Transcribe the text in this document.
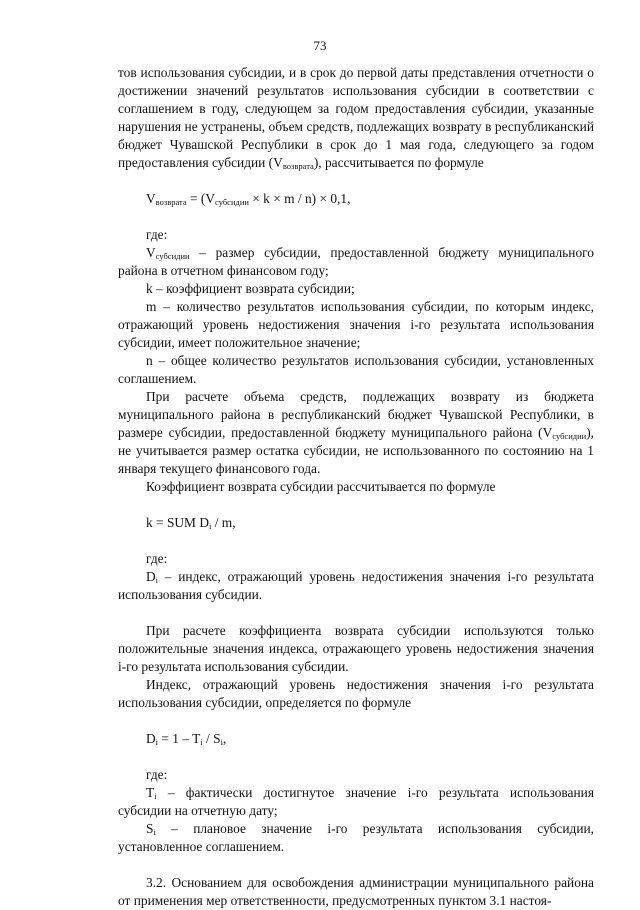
73

тов использования субсидии, и в срок до первой даты представления отчетности о достижении значений результатов использования субсидии в соответствии с соглашением в году, следующем за годом предоставления субсидии, указанные нарушения не устранены, объем средств, подлежащих возврату в республиканский бюджет Чувашской Республики в срок до 1 мая года, следующего за годом предоставления субсидии $(V_{возврата})$, рассчитывается по формуле

$V_{возврата} = (V_{субсидии} \times k \times m / n) \times 0,1$,

где:

$V_{субсидии}$ – размер субсидии, предоставленной бюджету муниципального района в отчетном финансовом году;

k – коэффициент возврата субсидии;

m – количество результатов использования субсидии, по которым индекс, отражающий уровень недостижения значения i-го результата использования субсидии, имеет положительное значение;

n – общее количество результатов использования субсидии, установленных соглашением.

При расчете объема средств, подлежащих возврату из бюджета муниципального района в республиканский бюджет Чувашской Республики, в размере субсидии, предоставленной бюджету муниципального района $(V_{субсидии})$, не учитывается размер остатка субсидии, не использованного по состоянию на 1 января текущего финансового года.

Коэффициент возврата субсидии рассчитывается по формуле

k = SUM $D_i$ / m,

где:

$D_i$ – индекс, отражающий уровень недостижения значения i-го результата использования субсидии.

При расчете коэффициента возврата субсидии используются только положительные значения индекса, отражающего уровень недостижения значения i-го результата использования субсидии.

Индекс, отражающий уровень недостижения значения i-го результата использования субсидии, определяется по формуле

$D_i = 1 - T_i / S_i$,

где:

$T_i$ – фактически достигнутое значение i-го результата использования субсидии на отчетную дату;

$S_i$ – плановое значение i-го результата использования субсидии, установленное соглашением.

3.2. Основанием для освобождения администрации муниципального района от применения мер ответственности, предусмотренных пунктом 3.1 настоя-
